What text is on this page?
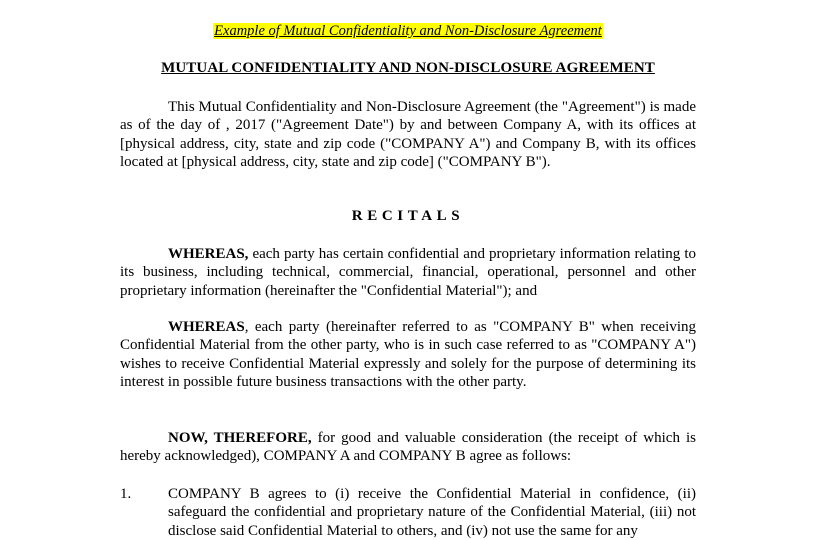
Example of Mutual Confidentiality and Non-Disclosure Agreement
MUTUAL CONFIDENTIALITY AND NON-DISCLOSURE AGREEMENT
This Mutual Confidentiality and Non-Disclosure Agreement (the "Agreement") is made as of the day of , 2017 ("Agreement Date") by and between Company A, with its offices at [physical address, city, state and zip code ("COMPANY A") and Company B, with its offices located at [physical address, city, state and zip code] ("COMPANY B").
RECITALS
WHEREAS, each party has certain confidential and proprietary information relating to its business, including technical, commercial, financial, operational, personnel and other proprietary information (hereinafter the "Confidential Material"); and
WHEREAS, each party (hereinafter referred to as "COMPANY B" when receiving Confidential Material from the other party, who is in such case referred to as "COMPANY A") wishes to receive Confidential Material expressly and solely for the purpose of determining its interest in possible future business transactions with the other party.
NOW, THEREFORE, for good and valuable consideration (the receipt of which is hereby acknowledged), COMPANY A and COMPANY B agree as follows:
1. COMPANY B agrees to (i) receive the Confidential Material in confidence, (ii) safeguard the confidential and proprietary nature of the Confidential Material, (iii) not disclose said Confidential Material to others, and (iv) not use the same for any
